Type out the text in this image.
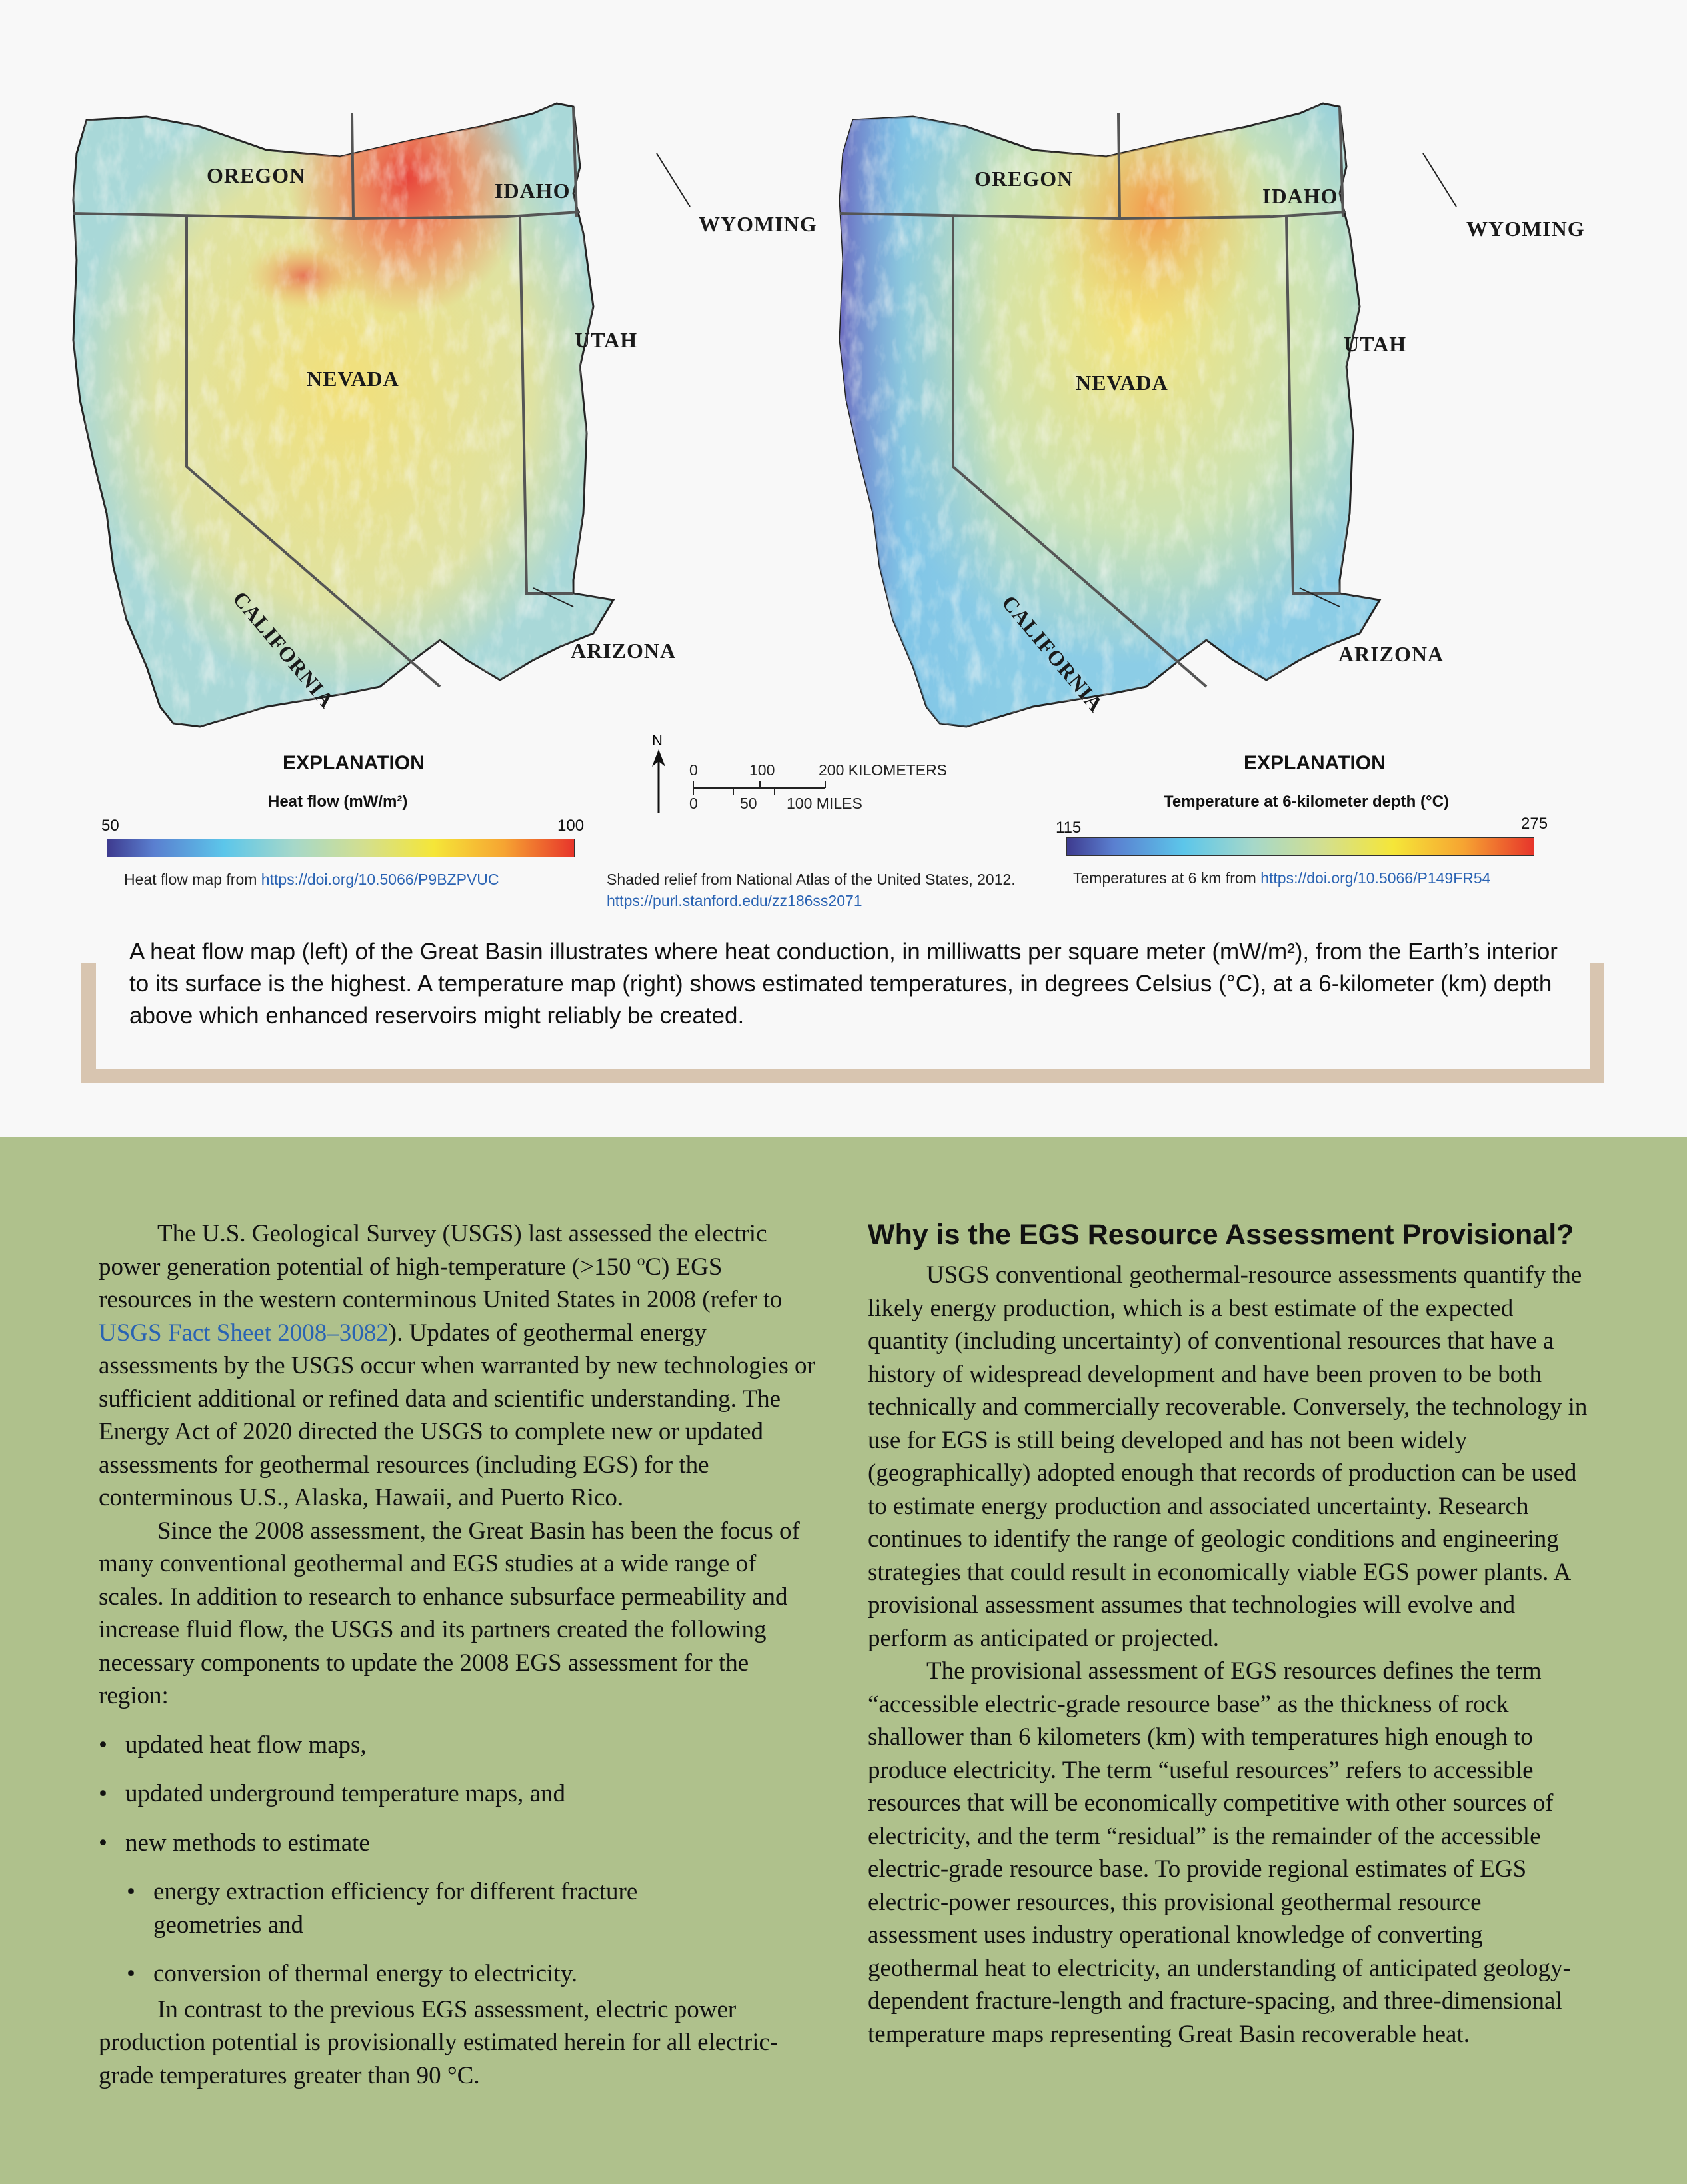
OREGON
IDAHO
WYOMING
NEVADA
UTAH
CALIFORNIA	ARIZONA
OREGON
IDAHO
WYOMING
NEVADA
UTAH
CALIFORNIA	ARIZONA
EXPLANATION
Heat flow (mW/m²)
50	100
Heat flow map from https://doi.org/10.5066/P9BZPVUC
N
0	100	200 KILOMETERS
0	50 100 MILES
Shaded relief from National Atlas of the United States, 2012.
https://purl.stanford.edu/zz186ss2071
EXPLANATION
Temperature at 6-kilometer depth (°C)
115	275
Temperatures at 6 km from https://doi.org/10.5066/P149FR54
A heat flow map (left) of the Great Basin illustrates where heat conduction, in milliwatts per square meter (mW/m²), from the Earth’s interior to its surface is the highest. A temperature map (right) shows estimated temperatures, in degrees Celsius (°C), at a 6-kilometer (km) depth above which enhanced reservoirs might reliably be created.

The U.S. Geological Survey (USGS) last assessed the electric power generation potential of high-temperature (>150 ºC) EGS resources in the western conterminous United States in 2008 (refer to USGS Fact Sheet 2008–3082). Updates of geothermal energy assessments by the USGS occur when warranted by new technologies or sufficient additional or refined data and scientific understanding. The Energy Act of 2020 directed the USGS to complete new or updated assessments for geothermal resources (including EGS) for the conterminous U.S., Alaska, Hawaii, and Puerto Rico.

Since the 2008 assessment, the Great Basin has been the focus of many conventional geothermal and EGS studies at a wide range of scales. In addition to research to enhance subsurface permeability and increase fluid flow, the USGS and its partners created the following necessary components to update the 2008 EGS assessment for the region:

• updated heat flow maps,
• updated underground temperature maps, and
• new methods to estimate
• energy extraction efficiency for different fracture geometries and
• conversion of thermal energy to electricity.

In contrast to the previous EGS assessment, electric power production potential is provisionally estimated herein for all electric-grade temperatures greater than 90 °C.

Why is the EGS Resource Assessment Provisional?

USGS conventional geothermal-resource assessments quantify the likely energy production, which is a best estimate of the expected quantity (including uncertainty) of conventional resources that have a history of widespread development and have been proven to be both technically and commercially recoverable. Conversely, the technology in use for EGS is still being developed and has not been widely (geographically) adopted enough that records of production can be used to estimate energy production and associated uncertainty. Research continues to identify the range of geologic conditions and engineering strategies that could result in economically viable EGS power plants. A provisional assessment assumes that technologies will evolve and perform as anticipated or projected.

The provisional assessment of EGS resources defines the term “accessible electric-grade resource base” as the thickness of rock shallower than 6 kilometers (km) with temperatures high enough to produce electricity. The term “useful resources” refers to accessible resources that will be economically competitive with other sources of electricity, and the term “residual” is the remainder of the accessible electric-grade resource base. To provide regional estimates of EGS electric-power resources, this provisional geothermal resource assessment uses industry operational knowledge of converting geothermal heat to electricity, an understanding of anticipated geology-dependent fracture-length and fracture-spacing, and three-dimensional temperature maps representing Great Basin recoverable heat.
